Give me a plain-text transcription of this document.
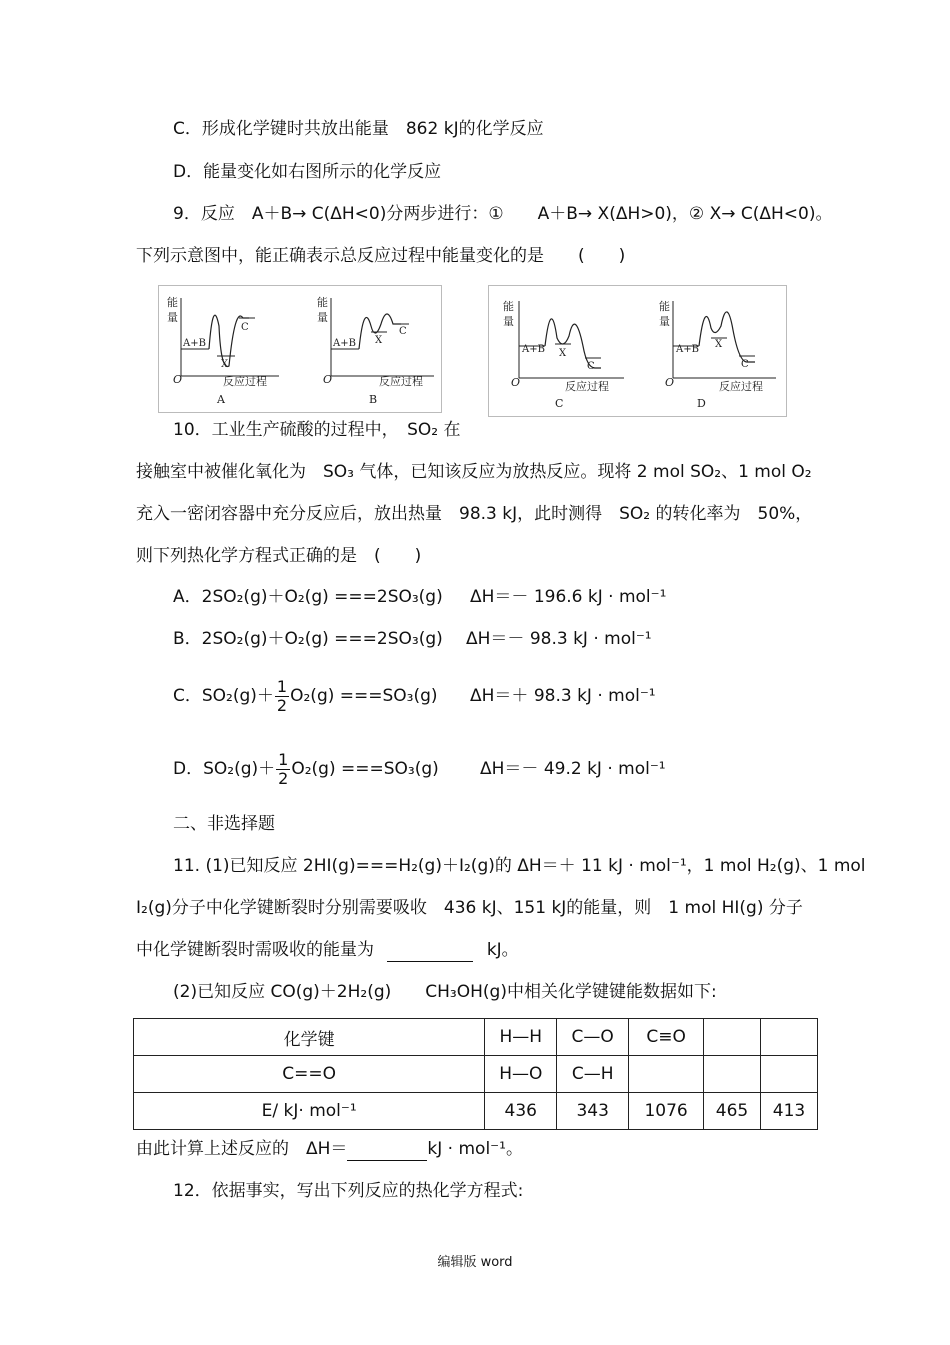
C．形成化学键时共放出能量　862 kJ的化学反应
D．能量变化如右图所示的化学反应
9．反应　A＋B→ C(ΔH<0)分两步进行：①　　A＋B→ X(ΔH>0)，② X→ C(ΔH<0)。
下列示意图中，能正确表示总反应过程中能量变化的是　　(　　)
能
量
O
A+B
X
C
反应过程
A
能
量
O
A+B X
C
反应过程
B
能
量
O
A+B X
C
反应过程
C
能
量
O
A+B X
C
反应过程
D
10．工业生产硫酸的过程中，　SO₂ 在
接触室中被催化氧化为　SO₃ 气体，已知该反应为放热反应。现将 2 mol SO₂、1 mol O₂
充入一密闭容器中充分反应后，放出热量　98.3 kJ，此时测得　SO₂ 的转化率为　50%，
则下列热化学方程式正确的是　(　　)
A．2SO₂(g)＋O₂(g) ===2SO₃(g) ΔH＝－ 196.6 kJ · mol⁻¹
B．2SO₂(g)＋O₂(g) ===2SO₃(g) ΔH＝－ 98.3 kJ · mol⁻¹
C．$SO_2(g)+ \frac{1}{2} O_2(g) ===SO_3(g)$ ΔH＝＋ 98.3 kJ · mol⁻¹
D．$SO_2(g)+ \frac{1}{2} O_2(g) ===SO_3(g)$ ΔH＝－ 49.2 kJ · mol⁻¹
二、非选择题
11. (1)已知反应 2HI(g)===H₂(g)＋I₂(g)的 ΔH＝＋ 11 kJ · mol⁻¹，1 mol H₂(g)、1 mol
I₂(g)分子中化学键断裂时分别需要吸收　436 kJ、151 kJ的能量，则　1 mol HI(g) 分子
中化学键断裂时需吸收的能量为	kJ。
(2)已知反应 CO(g)＋2H₂(g)　　CH₃OH(g)中相关化学键键能数据如下:
化学键	H—H	C—O	C≡O		
C==O	H—O	C—H			
E/ kJ· mol⁻¹	436	343	1076	465	413
由此计算上述反应的　ΔH＝	kJ · mol⁻¹。
12．依据事实，写出下列反应的热化学方程式:
编辑版 word
